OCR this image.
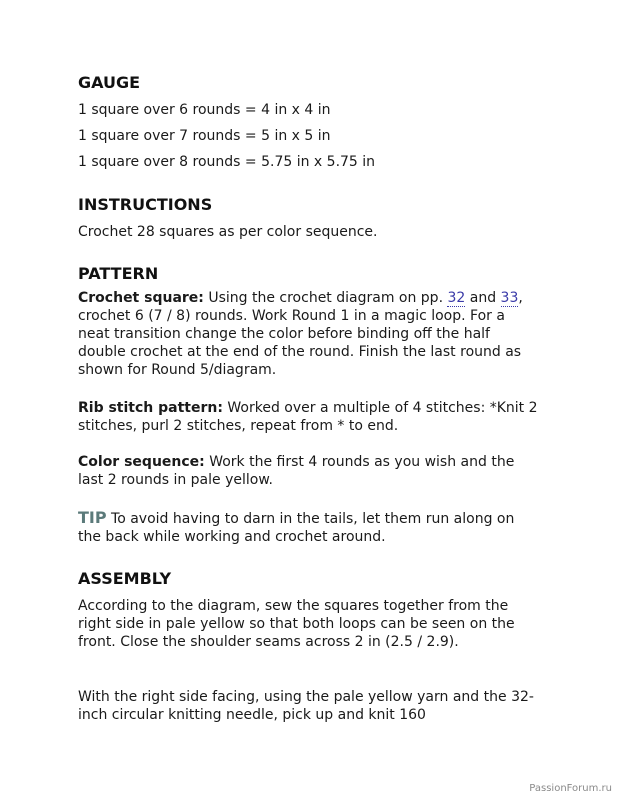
GAUGE
1 square over 6 rounds = 4 in x 4 in
1 square over 7 rounds = 5 in x 5 in
1 square over 8 rounds = 5.75 in x 5.75 in
INSTRUCTIONS
Crochet 28 squares as per color sequence.
PATTERN
Crochet square: Using the crochet diagram on pp. 32 and 33, crochet 6 (7 / 8) rounds. Work Round 1 in a magic loop. For a neat transition change the color before binding off the half double crochet at the end of the round. Finish the last round as shown for Round 5/diagram.
Rib stitch pattern: Worked over a multiple of 4 stitches: *Knit 2 stitches, purl 2 stitches, repeat from * to end.
Color sequence: Work the first 4 rounds as you wish and the last 2 rounds in pale yellow.
TIP To avoid having to darn in the tails, let them run along on the back while working and crochet around.
ASSEMBLY
According to the diagram, sew the squares together from the right side in pale yellow so that both loops can be seen on the front. Close the shoulder seams across 2 in (2.5 / 2.9).
With the right side facing, using the pale yellow yarn and the 32-inch circular knitting needle, pick up and knit 160
PassionForum.ru
